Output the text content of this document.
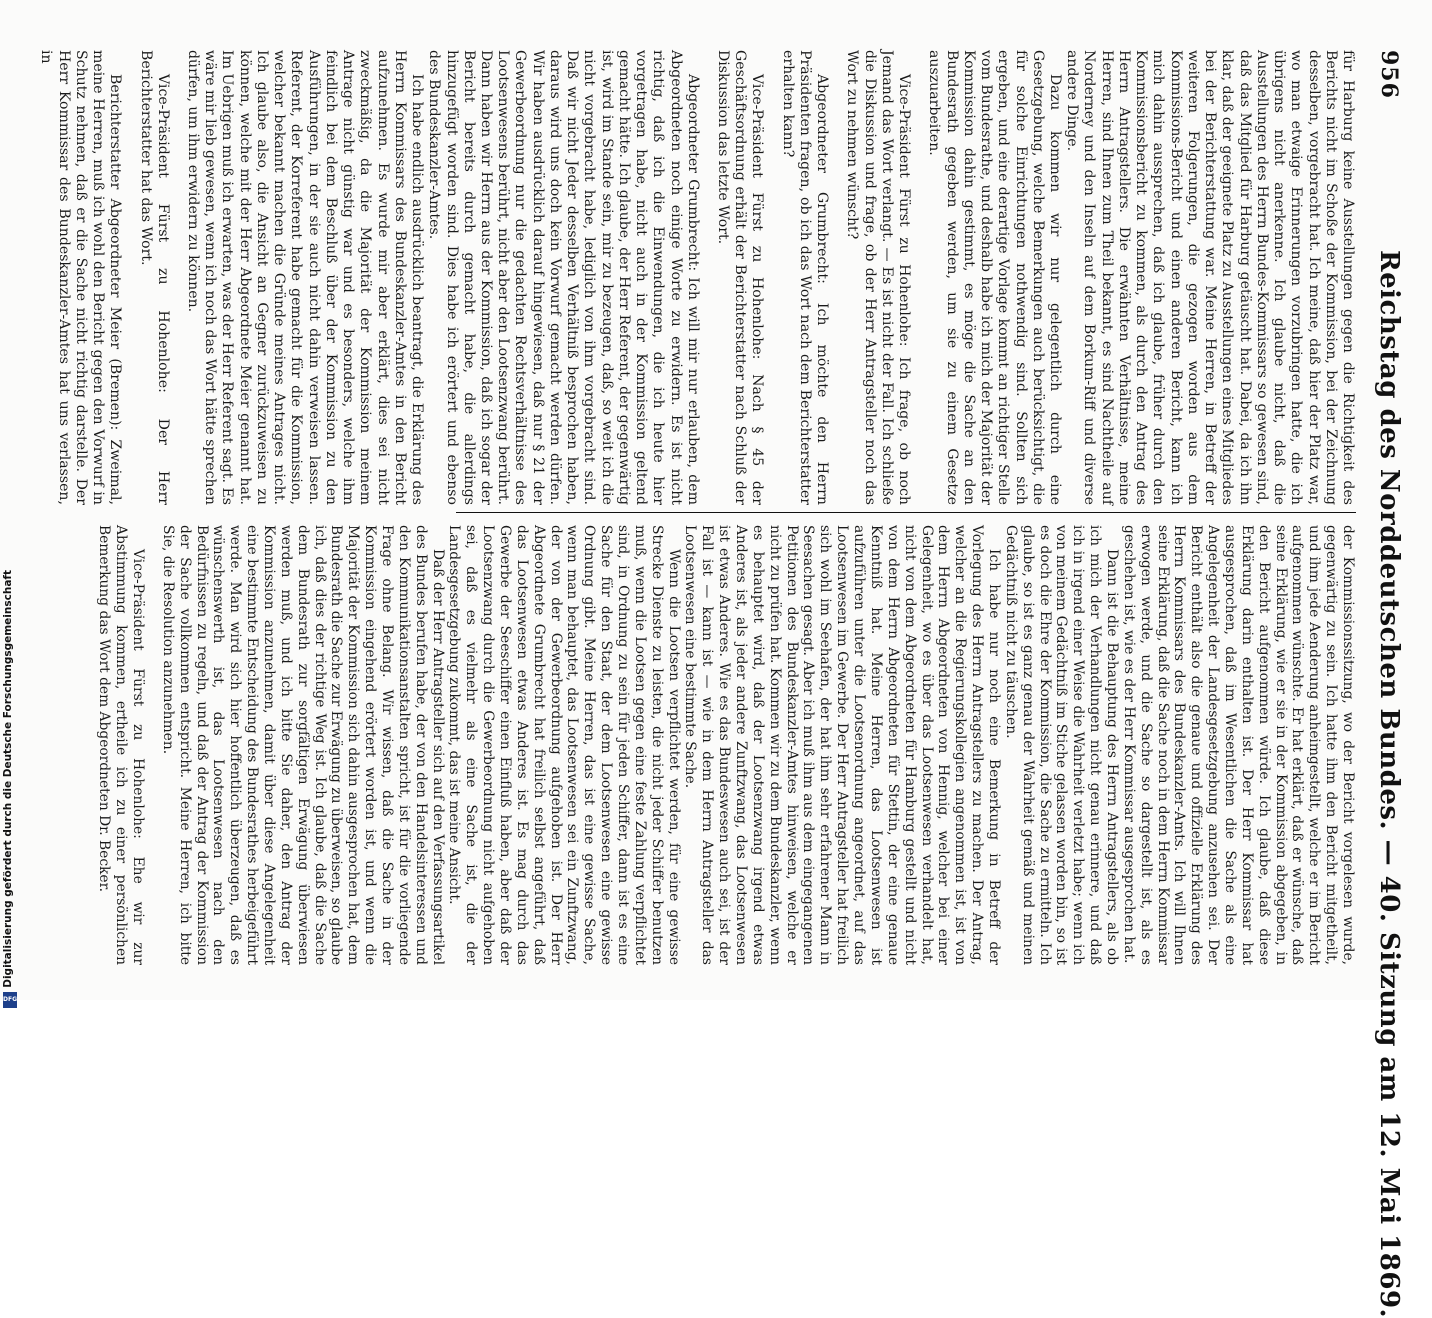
956
Reichstag des Norddeutschen Bundes. — 40. Sitzung am 12. Mai 1869.

für Harburg keine Ausstellungen gegen die Richtigkeit des Berichts nicht im Schoße der Kommission, bei der Zeichnung desselben, vorgebracht hat. Ich meine, daß hier der Platz war, wo man etwaige Erinnerungen vorzubringen hatte, die ich übrigens nicht anerkenne. Ich glaube nicht, daß die Ausstellungen des Herrn Bundes-Kommissars so gewesen sind, daß das Mitglied für Harburg getäuscht hat. Dabei, da ich ihn klar, daß der geeignete Platz zu Ausstellungen eines Mitgliedes bei der Berichterstattung war. Meine Herren, in Betreff der weiteren Folgerungen, die gezogen worden aus dem Kommissions-Bericht und einen anderen Bericht, kann ich mich dahin aussprechen, daß ich glaube, früher durch den Kommissionsbericht zu kommen, als durch den Antrag des Herrn Antragstellers. Die erwähnten Verhältnisse, meine Herren, sind Ihnen zum Theil bekannt, es sind Nachtheile auf Norderney und den Inseln auf dem Borkum-Riff und diverse andere Dinge.

Dazu kommen wir nur gelegentlich durch eine Gesetzgebung, welche Bemerkungen auch berücksichtigt, die für solche Einrichtungen nothwendig sind. Sollten sich ergeben, und eine derartige Vorlage kommt an richtiger Stelle vom Bundesrathe, und deshalb habe ich mich der Majorität der Kommission dahin gestimmt, es möge die Sache an den Bundesrath gegeben werden, um sie zu einem Gesetze auszuarbeiten.

Vice-Präsident Fürst zu Hohenlohe: Ich frage, ob noch Jemand das Wort verlangt. — Es ist nicht der Fall. Ich schließe die Diskussion und frage, ob der Herr Antragsteller noch das Wort zu nehmen wünscht?

Abgeordneter Grumbrecht: Ich möchte den Herrn Präsidenten fragen, ob ich das Wort nach dem Berichterstatter erhalten kann?

Vice-Präsident Fürst zu Hohenlohe: Nach § 45 der Geschäftsordnung erhält der Berichterstatter nach Schluß der Diskussion das letzte Wort.

Abgeordneter Grumbrecht: Ich will mir nur erlauben, dem Abgeordneten noch einige Worte zu erwidern. Es ist nicht richtig, daß ich die Einwendungen, die ich heute hier vorgetragen habe, nicht auch in der Kommission geltend gemacht hätte. Ich glaube, der Herr Referent, der gegenwärtig ist, wird im Stande sein, mir zu bezeugen, daß, so weit ich die nicht vorgebracht habe, lediglich von ihm vorgebracht sind. Daß wir nicht Jeder desselben Verhältniß besprochen haben, daraus wird uns doch kein Vorwurf gemacht werden dürfen. Wir haben ausdrücklich darauf hingewiesen, daß nur § 21 der Gewerbeordnung nur die gedachten Rechtsverhältnisse des Lootsenwesens berührt, nicht aber den Lootsenzwang berührt. Dann haben wir Herrn aus der Kommission, daß ich sogar der Bericht bereits durch gemacht habe, die allerdings hinzugefügt worden sind. Dies habe ich erörtert und ebenso des Bundeskanzler-Amtes.

Ich habe endlich ausdrücklich beantragt, die Erklärung des Herrn Kommissars des Bundeskanzler-Amtes in den Bericht aufzunehmen. Es wurde mir aber erklärt, dies sei nicht zweckmäßig, da die Majorität der Kommission meinem Antrage nicht günstig war und es besonders, welche ihm feindlich bei dem Beschluß über der Kommission zu den Ausführungen, in der sie auch nicht dahin verweisen lassen. Referent, der Korreferent habe gemacht für die Kommission, welcher bekannt machen die Gründe meines Antrages nicht. Ich glaube also, die Ansicht an Gegner zurückzuweisen zu können, welche mit der Herr Abgeordnete Meier genannt hat. Im Uebrigen muß ich erwarten, was der Herr Referent sagt. Es wäre mir lieb gewesen, wenn ich noch das Wort hätte sprechen dürfen, um ihm erwidern zu können.

Vice-Präsident Fürst zu Hohenlohe: Der Herr Berichterstatter hat das Wort.

Berichterstatter Abgeordneter Meier (Bremen): Zweimal, meine Herren, muß ich wohl den Bericht gegen den Vorwurf in Schutz nehmen, daß er die Sache nicht richtig darstelle. Der Herr Kommissar des Bundeskanzler-Amtes hat uns verlassen, in

der Kommissionssitzung, wo der Bericht vorgelesen wurde, gegenwärtig zu sein. Ich hatte ihm den Bericht mitgetheilt, und ihm jede Aenderung anheimgestellt, welche er im Bericht aufgenommen wünschte. Er hat erklärt, daß er wünsche, daß seine Erklärung, wie er sie in der Kommission abgegeben, in den Bericht aufgenommen würde. Ich glaube, daß diese Erklärung darin enthalten ist. Der Herr Kommissar hat ausgesprochen, daß im Wesentlichen die Sache als eine Angelegenheit der Landesgesetzgebung anzusehen sei. Der Bericht enthält also die genaue und offizielle Erklärung des Herrn Kommissars des Bundeskanzler-Amts. Ich will Ihnen seine Erklärung, daß die Sache noch in dem Herrn Kommissar erwogen werde, und die Sache so dargestellt ist, als es geschehen ist, wie es der Herr Kommissar ausgesprochen hat.

Dann ist die Behauptung des Herrn Antragstellers, als ob ich mich der Verhandlungen nicht genau erinnere, und daß ich in irgend einer Weise die Wahrheit verletzt habe; wenn ich von meinem Gedächtniß im Stiche gelassen worden bin, so ist es doch die Ehre der Kommission, die Sache zu ermitteln. Ich glaube, so ist es ganz genau der Wahrheit gemäß und meinen Gedächtniß nicht zu täuschen.

Ich habe nur noch eine Bemerkung in Betreff der Vorlegung des Herrn Antragstellers zu machen. Der Antrag, welcher an die Regierungskollegien angenommen ist, ist von dem Herrn Abgeordneten von Hennig, welcher bei einer Gelegenheit, wo es über das Lootsenwesen verhandelt hat, nicht von dem Abgeordneten für Hamburg gestellt und nicht von dem Herrn Abgeordneten für Stettin, der eine genaue Kenntniß hat. Meine Herren, das Lootsenwesen ist aufzuführen unter die Lootsenordnung angeordnet, auf das Lootsenwesen im Gewerbe. Der Herr Antragsteller hat freilich sich wohl im Seehafen, der hat ihm sehr erfahrener Mann in Seesachen gesagt. Aber ich muß ihm aus dem eingegangenen Petitionen des Bundeskanzler-Amtes hinweisen, welche er nicht zu prüfen hat. Kommen wir zu dem Bundeskanzler, wenn es behauptet wird, daß der Lootsenzwang irgend etwas Anderes ist, als jeder andere Zunftzwang, das Lootsenwesen ist etwas Anderes. Wie es das Bundeswesen auch sei, ist der Fall ist — kann ist — wie in dem Herrn Antragsteller das Lootsenwesen eine bestimmte Sache.

Wenn die Lootsen verpflichtet werden, für eine gewisse Strecke Dienste zu leisten, die nicht jeder Schiffer benutzen muß, wenn die Lootsen gegen eine feste Zahlung verpflichtet sind, in Ordnung zu sein für jeden Schiffer, dann ist es eine Sache für den Staat, der dem Lootsenwesen eine gewisse Ordnung gibt. Meine Herren, das ist eine gewisse Sache, wenn man behauptet, das Lootsenwesen sei ein Zunftzwang, der von der Gewerbeordnung aufgehoben ist. Der Herr Abgeordnete Grumbrecht hat freilich selbst angeführt, daß das Lootsenwesen etwas Anderes ist. Es mag durch das Gewerbe der Seeschiffer einen Einfluß haben, aber daß der Lootsenzwang durch die Gewerbeordnung nicht aufgehoben sei, daß es vielmehr als eine Sache ist, die der Landesgesetzgebung zukommt, das ist meine Ansicht.

Daß der Herr Antragsteller sich auf den Verfassungsartikel des Bundes berufen habe, der von den Handelsinteressen und den Kommunikationsanstalten spricht, ist für die vorliegende Frage ohne Belang. Wir wissen, daß die Sache in der Kommission eingehend erörtert worden ist, und wenn die Majorität der Kommission sich dahin ausgesprochen hat, dem Bundesrath die Sache zur Erwägung zu überweisen, so glaube ich, daß dies der richtige Weg ist. Ich glaube, daß die Sache dem Bundesrath zur sorgfältigen Erwägung überwiesen werden muß, und ich bitte Sie daher, den Antrag der Kommission anzunehmen, damit über diese Angelegenheit eine bestimmte Entscheidung des Bundesrathes herbeigeführt werde. Man wird sich hier hoffentlich überzeugen, daß es wünschenswerth ist, das Lootsenwesen nach den Bedürfnissen zu regeln, und daß der Antrag der Kommission der Sache vollkommen entspricht. Meine Herren, ich bitte Sie, die Resolution anzunehmen.

Vice-Präsident Fürst zu Hohenlohe: Ehe wir zur Abstimmung kommen, ertheile ich zu einer persönlichen Bemerkung das Wort dem Abgeordneten Dr. Becker.

Digitalisierung gefördert durch die Deutsche Forschungsgemeinschaft
DFG
